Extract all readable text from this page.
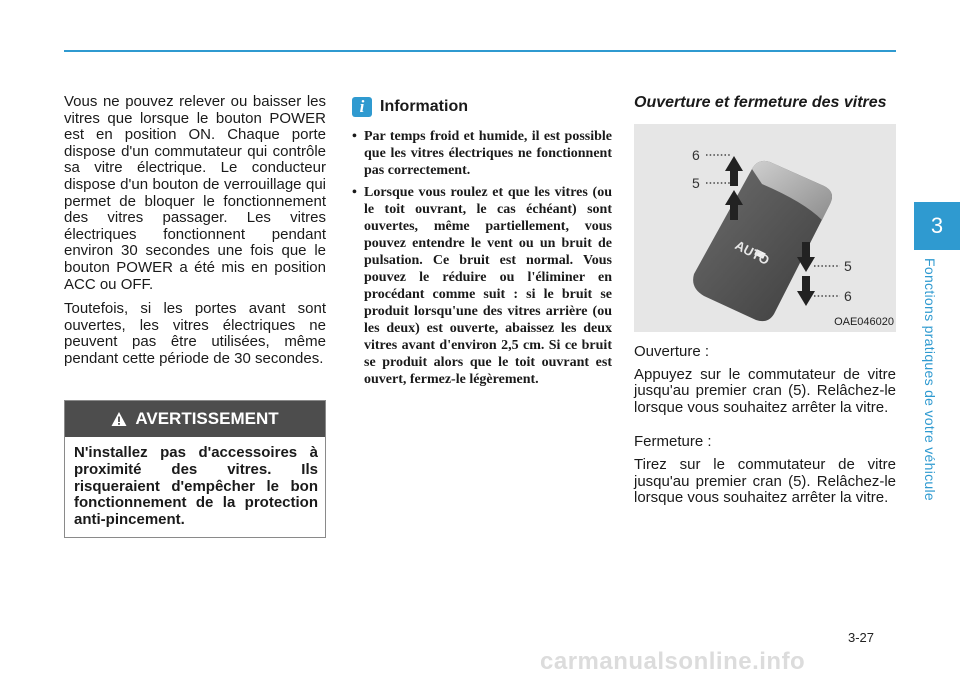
Vous ne pouvez relever ou baisser les vitres que lorsque le bouton POWER est en position ON. Chaque porte dispose d'un commutateur qui contrôle sa vitre électrique. Le conducteur dispose d'un bouton de verrouillage qui permet de bloquer le fonctionnement des vitres passager. Les vitres électriques fonctionnent pendant environ 30 secondes une fois que le bouton POWER a été mis en position ACC ou OFF.

Toutefois, si les portes avant sont ouvertes, les vitres électriques ne peuvent pas être utilisées, même pendant cette période de 30 secondes.

AVERTISSEMENT
N'installez pas d'accessoires à proximité des vitres. Ils risqueraient d'empêcher le bon fonctionnement de la protection anti-pincement.
i Information
• Par temps froid et humide, il est possible que les vitres électriques ne fonctionnent pas correctement.
• Lorsque vous roulez et que les vitres (ou le toit ouvrant, le cas échéant) sont ouvertes, même partiellement, vous pouvez entendre le vent ou un bruit de pulsation. Ce bruit est normal. Vous pouvez le réduire ou l'éliminer en procédant comme suit : si le bruit se produit lorsqu'une des vitres arrière (ou les deux) est ouverte, abaissez les deux vitres avant d'environ 2,5 cm. Si ce bruit se produit alors que le toit ouvrant est ouvert, fermez-le légèrement.
Ouverture et fermeture des vitres
6
5
5
6
AUTO
OAE046020

Ouverture :

Appuyez sur le commutateur de vitre jusqu'au premier cran (5). Relâchez-le lorsque vous souhaitez arrêter la vitre.

Fermeture :

Tirez sur le commutateur de vitre jusqu'au premier cran (5). Relâchez-le lorsque vous souhaitez arrêter la vitre.

3
Fonctions pratiques de votre véhicule
3-27
carmanualsonline.info
